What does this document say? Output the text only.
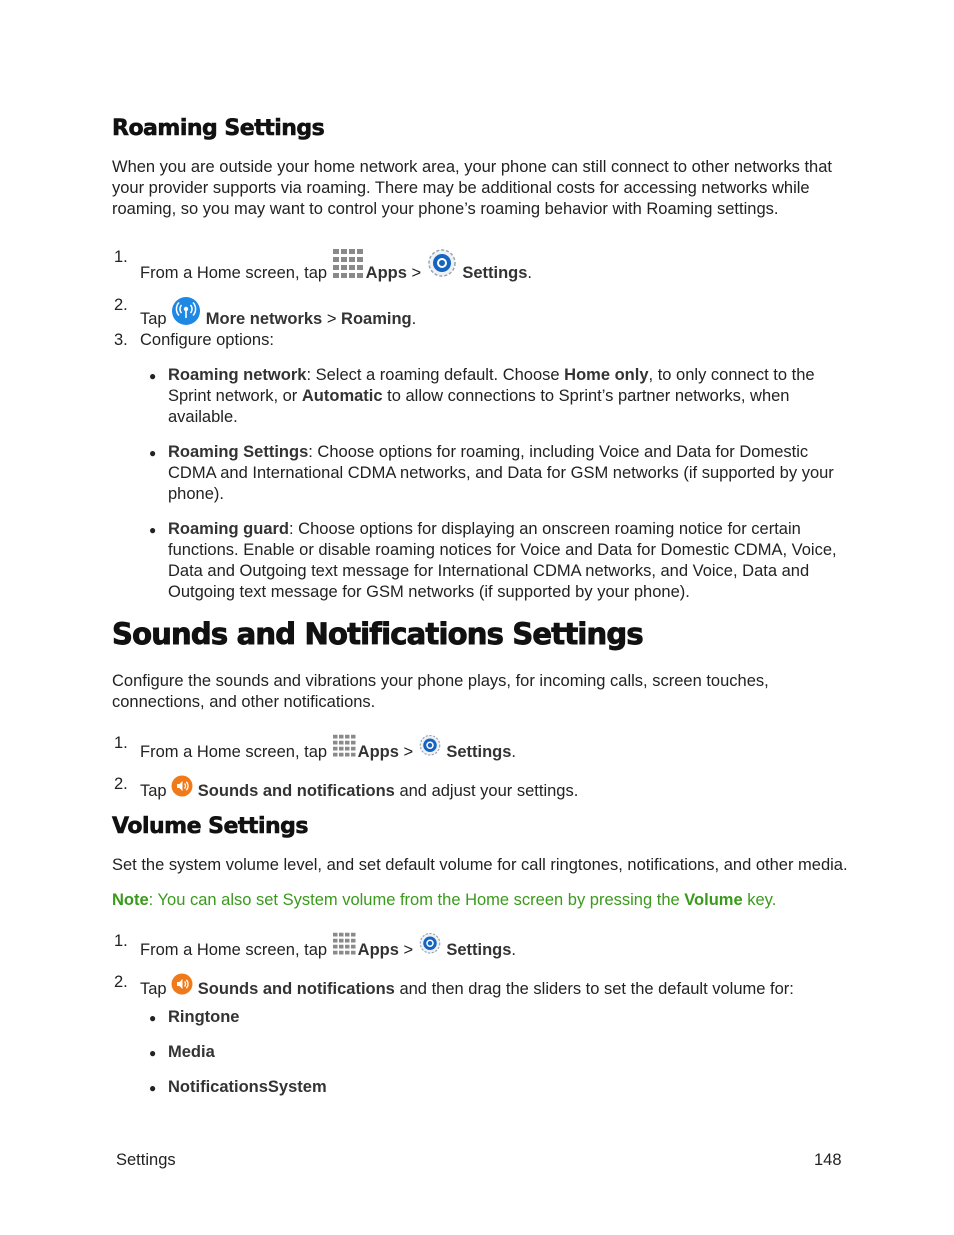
Roaming Settings
When you are outside your home network area, your phone can still connect to other networks that your provider supports via roaming. There may be additional costs for accessing networks while roaming, so you may want to control your phone’s roaming behavior with Roaming settings.
1.
From a Home screen, tap Apps >  Settings.
2.
Tap  More networks > Roaming.
3. Configure options:
● Roaming network: Select a roaming default. Choose Home only, to only connect to the Sprint network, or Automatic to allow connections to Sprint’s partner networks, when available.
● Roaming Settings: Choose options for roaming, including Voice and Data for Domestic CDMA and International CDMA networks, and Data for GSM networks (if supported by your phone).
● Roaming guard: Choose options for displaying an onscreen roaming notice for certain functions. Enable or disable roaming notices for Voice and Data for Domestic CDMA, Voice, Data and Outgoing text message for International CDMA networks, and Voice, Data and Outgoing text message for GSM networks (if supported by your phone).
Sounds and Notifications Settings
Configure the sounds and vibrations your phone plays, for incoming calls, screen touches, connections, and other notifications.
1. From a Home screen, tap Apps >  Settings.
2. Tap  Sounds and notifications and adjust your settings.
Volume Settings
Set the system volume level, and set default volume for call ringtones, notifications, and other media.
Note: You can also set System volume from the Home screen by pressing the Volume key.
1. From a Home screen, tap Apps >  Settings.
2. Tap  Sounds and notifications and then drag the sliders to set the default volume for:
● Ringtone
● Media
● NotificationsSystem
Settings	148
